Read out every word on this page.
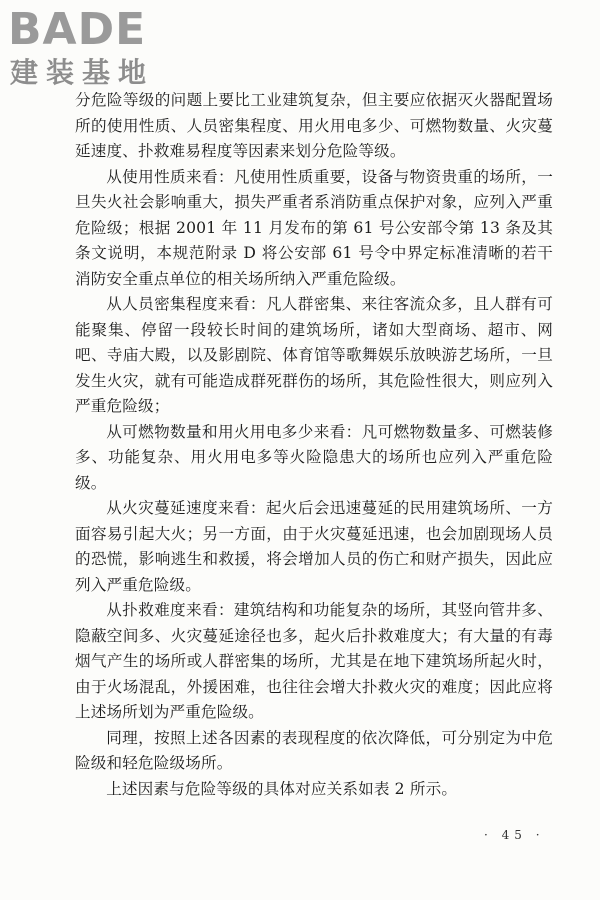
BADE
建装基地

分危险等级的问题上要比工业建筑复杂，但主要应依据灭火器配置场所的使用性质、人员密集程度、用火用电多少、可燃物数量、火灾蔓延速度、扑救难易程度等因素来划分危险等级。

从使用性质来看：凡使用性质重要，设备与物资贵重的场所，一旦失火社会影响重大，损失严重者系消防重点保护对象，应列入严重危险级；根据 2001 年 11 月发布的第 61 号公安部令第 13 条及其条文说明，本规范附录 D 将公安部 61 号令中界定标准清晰的若干消防安全重点单位的相关场所纳入严重危险级。

从人员密集程度来看：凡人群密集、来往客流众多，且人群有可能聚集、停留一段较长时间的建筑场所，诸如大型商场、超市、网吧、寺庙大殿，以及影剧院、体育馆等歌舞娱乐放映游艺场所，一旦发生火灾，就有可能造成群死群伤的场所，其危险性很大，则应列入严重危险级；

从可燃物数量和用火用电多少来看：凡可燃物数量多、可燃装修多、功能复杂、用火用电多等火险隐患大的场所也应列入严重危险级。

从火灾蔓延速度来看：起火后会迅速蔓延的民用建筑场所、一方面容易引起大火；另一方面，由于火灾蔓延迅速，也会加剧现场人员的恐慌，影响逃生和救援，将会增加人员的伤亡和财产损失，因此应列入严重危险级。

从扑救难度来看：建筑结构和功能复杂的场所，其竖向管井多、隐蔽空间多、火灾蔓延途径也多，起火后扑救难度大；有大量的有毒烟气产生的场所或人群密集的场所，尤其是在地下建筑场所起火时，由于火场混乱，外援困难，也往往会增大扑救火灾的难度；因此应将上述场所划为严重危险级。

同理，按照上述各因素的表现程度的依次降低，可分别定为中危险级和轻危险级场所。

上述因素与危险等级的具体对应关系如表 2 所示。

· 45 ·
